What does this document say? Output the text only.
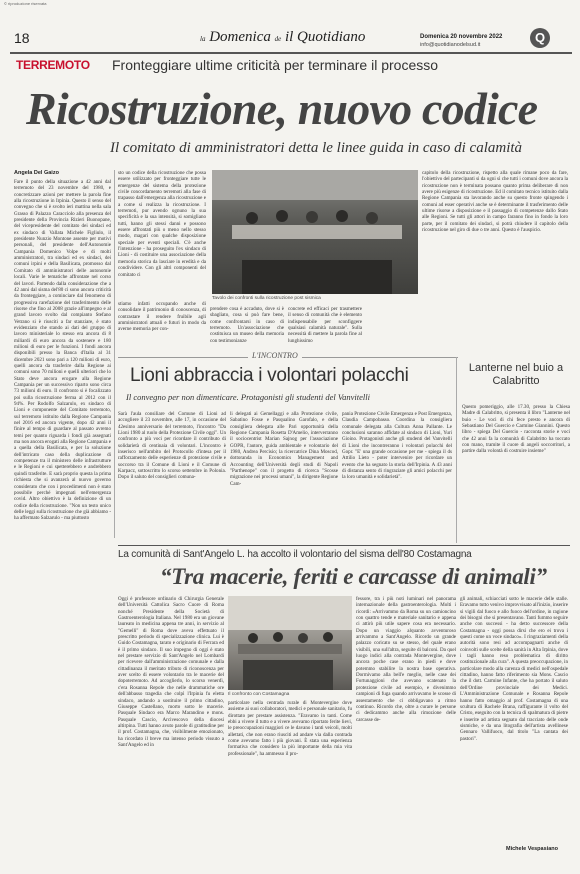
© riproduzione riservata
18	la Domenica de il Quotidiano	Domenica 20 novembre 2022
info@quotidianodelsud.it	Q
TERREMOTO Fronteggiare ultime criticità per terminare il processo
Ricostruzione, nuovo codice
Il comitato di amministratori detta le linee guida in caso di calamità
Angela Del Gaizo
Fare il punto della situazione a 42 anni dal terremoto del 23 novembre del 1980, e concretizzare azioni per mettere la parola fine alla ricostruzione in Irpinia. Questo il senso del convegno che si è svolto ieri mattina nella sala Grasso di Palazzo Caracciolo alla presenza del presidente della Provincia Rizieri Buonopane, del vicepresidente del comitato dei sindaci ed ex sindaco di Vallata Michele Figliulo, il presidente Nunzio Montone assente per motivi personali, del presidente dell'Autonomie Campania Domenico Volpe e di molti amministratori, tra sindaci ed ex sindaci, dei comuni irpini e della Basilicata, promosso dal Comitato di amministratori delle autonomie locali. Varie le tematiche affrontate nel corso del lavori. Partendo dalla considerazione che a 42 anni dal sisma del'80 ci sono ancora criticità da fronteggiare, a cominciare dal fenomeno di progressiva rarefazione del trasferimento delle risorse che fino al 2008 grazie all'impegno e al grand lavoro svolto dal compianto Stefano Vetrano si è riusciti a far stanziare, è stato evidenziato che stando ai dati del gruppo di lavoro ministeriale lo stesso era ancora di 8 miliardi di euro ancora da sostenere e 180 milioni di euro per le funzioni. I fondi ancora disponibili presso la Banca d'Italia al 31 dicembre 2021 sono pari a 120 milioni di euro, quelli ancora da trasferire dalla Regione ai comuni sono 70 milioni e quelli ulteriori che lo Stato deve ancora erogare alla Regione Campania per un successivo riparto sono circa 73 milioni di euro. Il confronto si è focalizzato poi sulla ricostruzione ferma al 2012 con il 94%. Per Rodolfo Salzarulo, ex sindaco di Lioni e componente del Comitato terremoto, sul terremoto istituito dalla Regione Campania nel 2016 ed ancora vigente, dopo 42 anni il finire al tempo di guardare al passato avremo temi per quanto riguarda i fondi già assegnati ma non ancora erogati alla Regione Campania e a quella della Basilicata, e per la soluzione dell'intricato caso della duplicazione di competenze tra il ministero delle infrastrutture e le Regioni e cui spetterebbero e andrebbero quindi trasferite. E sarà proprio questa la prima richiesta che si avanzerà al nuovo governo considerato che con i procedimenti non è stato possibile perché impegnati nell'emergenza covid. Altro obiettivo è la definizione di un codice della ricostruzione. "Non un testo unico delle leggi sulla ricostruzione che già abbiamo - ha affermato Salzarulo - ma piuttosto
sto un codice della ricostruzione che possa essere utilizzato per fronteggiare tutte le emergenze del sistema della protezione civile concordamento terremoti alla fase di trapasso dall'emergenza alla ricostruzione e a come si realizza la ricostruzione. I terremoti, pur avendo ognuno la sua specificità e la sua intensità, si somigliano tutti, hanno gli stessi danni e possono essere affrontati più o meno nello stesso modo, magari con qualche disposizione speciale per eventi speciali. C'è anche l'intenzione - ha proseguito l'ex sindaco di Lioni - di costituire una associazione della memoria storica da lasciare in eredità e da condividere. Con gli altri componenti del comitato ci
Tavolo dei confronti sulla ricostruzione post sismica
stiamo infatti occupando anche di consolidare il patrimonio di conoscenza, di contrastare il rendere fruibile agli amministratori attuali e futuri in modo da averne memoria per con-
prendere cosa è accaduto, dove si è sbagliato, cosa si può fare bene, come confrontarsi in caso di terremoto. Un'associazione che costituisca un museo della memoria con testimonianze
concrete ed efficaci per trasmettere il senso di comunità che è elemento indispensabile per sconfiggere qualsiasi calamità naturale". Sulla necessità di mettere la parola fine al lunghissimo
capitolo della ricostruzione, rispetto alla quale rimane poco da fare, l'obiettivo del partecipanti si da ogni sì che tutti i comuni dove ancora la ricostruzione non è terminata possano quanto prima deliberare di non avere più esigenze di ricostruzione. Ed il comitato tecnico istituito dalla Regione Campania sta lavorando anche su questo fronte spingendo i comuni ad esser operativi anche se è determinante il trasferimento delle ultime risorse a disposizione e il passaggio di competenze dallo Stato alle Regioni. Se tutti gli attori in campo faranno fino in fondo la loro parte, per il comitato dei sindaci, si potrà chiudere il capitolo della ricostruzione nel giro di due o tre anni. Questo è l'auspicio.
L'INCONTRO
Lioni abbraccia i volontari polacchi
Il convegno per non dimenticare. Protagonisti gli studenti del Vanvitelli
Sarà l'aula consiliare del Comune di Lioni ad accogliere il 23 novembre, alle 17, in occasione del 42esimo anniversario del terremoto, l'incontro "Da Lioni 1980 al ruolo della Protezione Civile oggi". Un confronto a più voci per ricordare il contributo di solidarietà di centinaia di volontari. L'incontro è inserisco nell'ambito del Protocollo d'intesa per il rafforzamento delle esperienze di protezione civile e soccorso tra il Comune di Lioni e il Comune di Karpacz, sottoscritto lo scorso settembre in Polonia. Dopo il saluto del consiglieri comuna-
li delegati ai Gemellaggi e alla Protezione civile, Sabatino Fosse e Pasqualino Garofalo, e della consigliera delegata alle Pari opportunità della Regione Campania Rosetta D'Amelio, interverranno il sociocentrist Marian Sajnog per l'associazione GOPR, l'autore, guida ambientale e volontario del 1980, Andrea Percisio; la ricercatrice Dina Moscod, dottoranda in Economics Management and Accounting dell'Università degli studi di Napoli "Parthenope" con il progetto di ricerca "Scosse migrazione nei processi umani", la dirigente Regione Cam-
pania Protezione Civile Emergenza e Post Emergenza, Claudia Campobasso. Coordina la consigliera comunale delegata alla Cultura Anna Pallante. Le conclusioni saranno affidate al sindaco di Lioni, Yuri Gioino. Protagonisti anche gli studenti del Vanvitelli di Lioni che incontreranno i volontari polacchi del Gopr. "E' una grande occasione per me - spiega il ds Attilio Lieto - poter intervenire per ricordare un evento che ha segnato la storia dell'Irpinia. A 43 anni di distanza sento di ringraziare gli amici polacchi per la loro umanità e solidarietà".
Lanterne nel buio a Calabritto
Questo pomeriggio, alle 17.30, presso la Chiesa Madre di Calabritto, si presenta il libro "Lanterne nel buio - Le voci di chi fece presto e ancora di Sebastiano Del Guercio e Carmine Giannini. Questo libro - spiega Del Guercio - racconta storie e voci che 42 anni fa la comunità di Calabritto ha toccato con mano, tramite il cuore di angeli soccorritori, a partire dalla volontà di costruire insieme"
La comunità di Sant'Angelo L. ha accolto il volontario del sisma dell'80 Costamagna
“Tra macerie, feriti e carcasse di animali”
Oggi è professore ordinario di Chirurgia Generale dell'Università Cattolica Sacro Cuore di Roma nonché Presidente della Società di Gastroenterologia Italiana. Nel 1980 era un giovane laureato in medicina appena tre anni, in servizio al "Gemelli" di Roma dove aveva effettuato il prescritto periodo di specializzazione clinica. Lui è Guido Costamagna, tarato e originario di Ferrara ed è il primo sindaco. Il suo impegno di oggi è stato nel prestare servizio di Sant'Angelo nel Lombardi per ricevere dall'amministrazione comunale e dalla cittadinanza il meritato tributo di riconoscenza per aver scelto di essere volontario tra le macerie del dopoterremoto. Ad accoglierlo, lo scorso venerdì, c'era Rosanna Repole che nelle drammatiche ore dell'abbasso tragedia che colpì l'Irpinia fu eletta sindaco, andando a sostituire il primo cittadino, Giuseppe Castellano, morto sotto le macerie. Pasquale Sindaco era Marco Marandino e mons. Pasquale Cascio, Arcivescovo della diocesi altirpina. Tutti hanno avuto parole di gratitudine per il prof. Costamagna, che, visibilmente emozionato, ha ricordato il breve ma intenso periodo vissuto a Sant'Angelo ed in
Il confronto con Costamagna
particolare nella centrada rurale di Montevergine dove assieme ai suoi collaboratori, medici e personale sanitario, fu dirottato per prestare assistenza. "Eravamo in tanti. Come ebbi a vivere il tutto e a vivere avevamo riportato ferite lievi, le preoccupazioni maggiori ce le davano i tanti veicoli, molti allettati, che non erano riusciti ad andare via dalla contrada come avevamo fatto i più giovani. È stata una esperienza formativa che considero la più importante della mia vita professionale", ha ammesso il pro-
fessore, tra i più noti luminari nel panorama internazionale della gastroenterologia. Molti i ricordi: «Arrivammo da Roma su un camioncino con quattro tende e materiale sanitario e appena ci attirò più utile sapere cosa era necessario. Dopo un viaggio alquanto avventuroso arrivammo a Sant'Angelo. Ricordo un grande palazzo coricato su se stesso, del quale erano visibili, una sull'altra, seguite di balconi. Da quel luogo indici alla contrada Montevergine, dove ancora poche case erano in piedi e dove potemmo stabilire la nostra base operativa. Dormivamo alla bell'e meglio, nelle case dei Fortunaggioni che avevano scatenato la protezione civile ad esempio, e divenimmo campioni di fuga quando arrivavamo le scosse di assestamento che ci obbligavano a ritmo continuo. Ricordo che, oltre a curare le persone ci dedicammo anche alla rimozione delle carcasse de-
gli animali, schiacciati sotto le macerie delle stalle. Eravamo tutto venivo improvvisato all'inizio, inserire si vigili dal fuoco e allo fuoco dell'ordine, in ragione dei bisogni che si presentavano. Tanti fummo seguire anche con successi - ha detto successore della Costamagna - oggi possa dirsi che ero ei trova i questi come un voce sindaco». I ringraziamenti della autorità sono resi ad accompagnarti anche di coinvolti sulle scelte della sanità in Alta Irpinia, dove i tagli hanno reso problematica di diritto costituzionale alla cura". A questa preoccupazione, in particolare modo alla carenza di medici nell'ospedale cittadino, hanno fatto riferimento sia Mons. Cascio che il dott. Carmine Infante, che ha portato il saluto dell'Ordine provinciale dei Medici. L'Amministrazione Comunale e Rosanna Repole hanno fatto omaggio al prof. Costamagna di una scultura di Rachele Brana, raffigurante il volto del Cristo, eseguito con la tecnica di spalmatura di pietre e inserite ad artista segnato dal tracciato delle onde sismiche, e da una litografia dell'artista avellinese Gennaro Vallifuoco, dal titolo "La cantata dei pastori".
Michele Vespasiano
